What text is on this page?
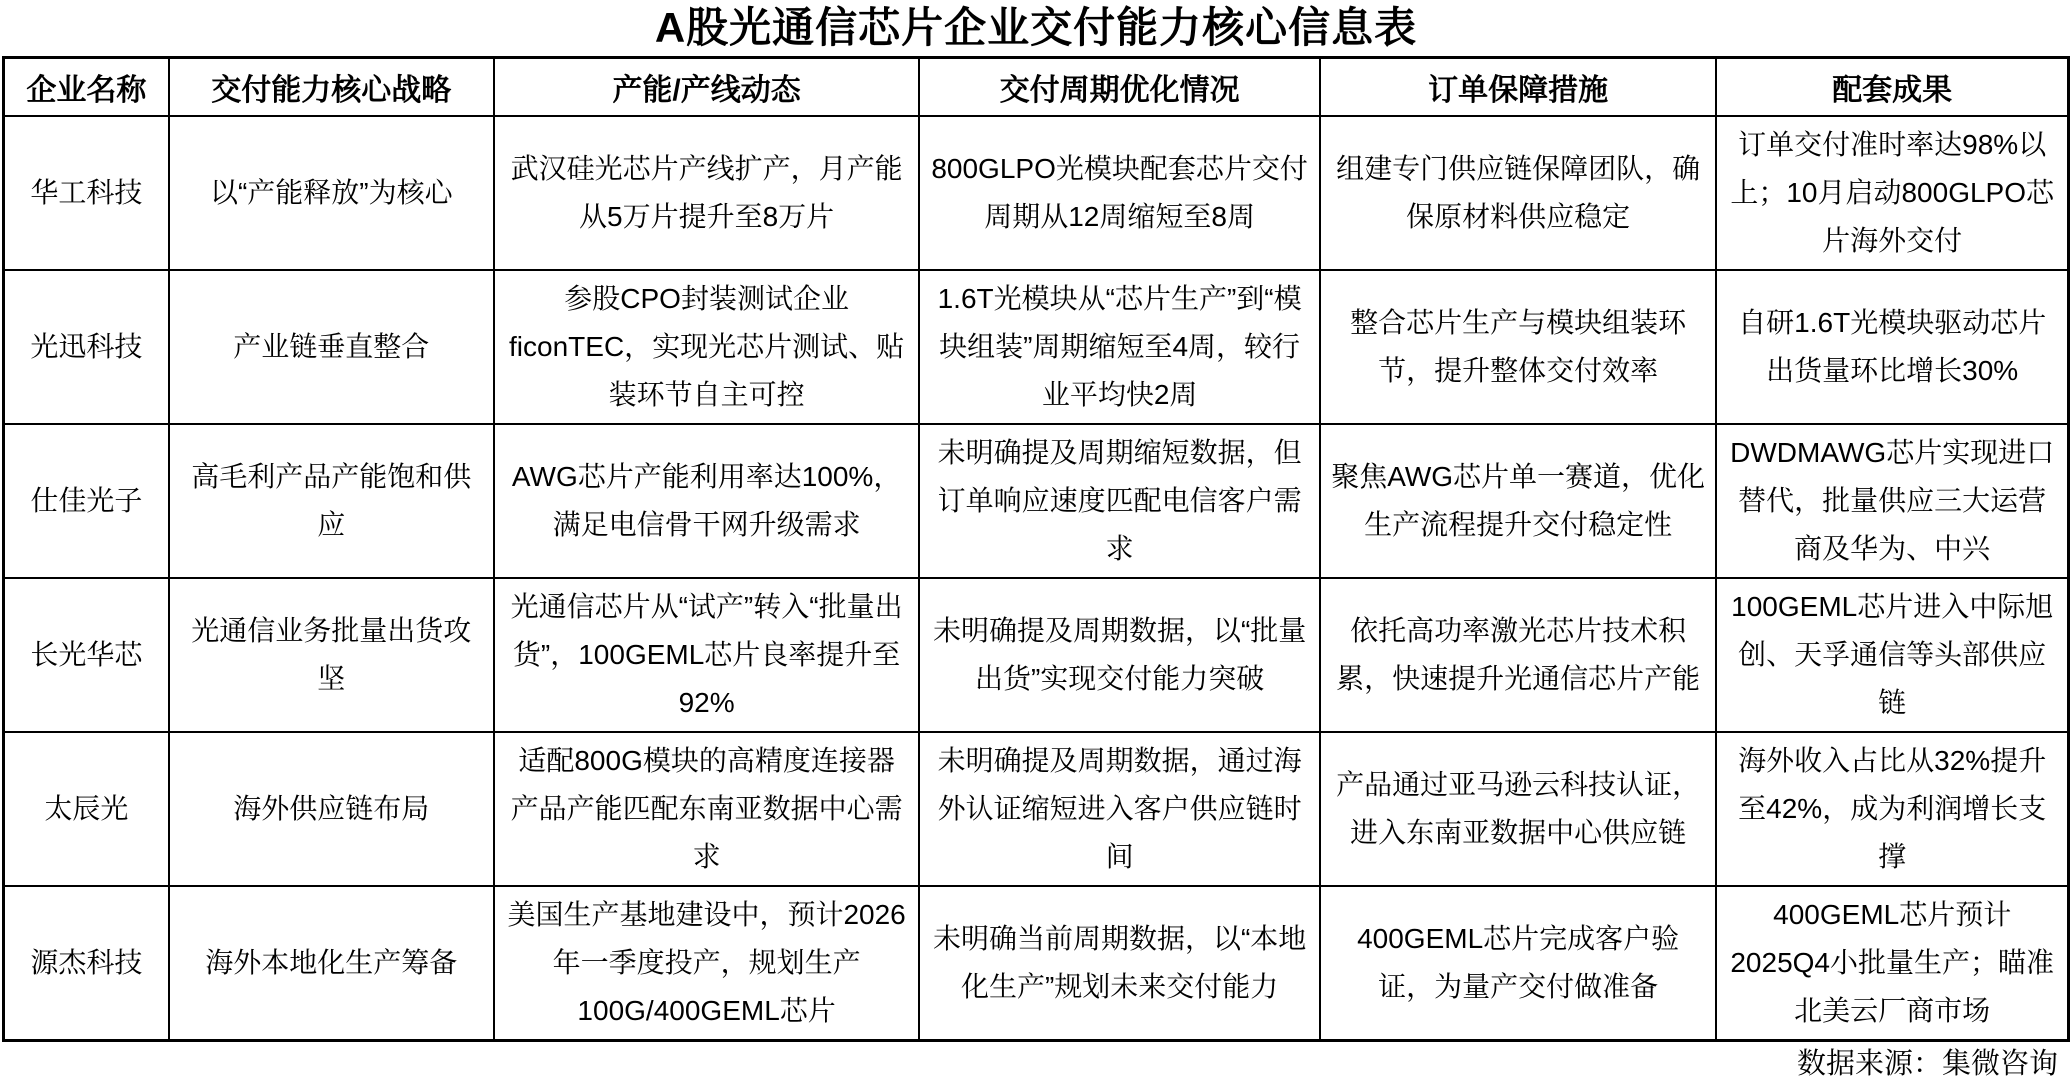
A股光通信芯片企业交付能力核心信息表
企业名称	交付能力核心战略	产能/产线动态	交付周期优化情况	订单保障措施	配套成果
华工科技	以“产能释放”为核心	武汉硅光芯片产线扩产，月产能从5万片提升至8万片	800GLPO光模块配套芯片交付周期从12周缩短至8周	组建专门供应链保障团队，确保原材料供应稳定	订单交付准时率达98%以上；10月启动800GLPO芯片海外交付
光迅科技	产业链垂直整合	参股CPO封装测试企业ficonTEC，实现光芯片测试、贴装环节自主可控	1.6T光模块从“芯片生产”到“模块组装”周期缩短至4周，较行业平均快2周	整合芯片生产与模块组装环节，提升整体交付效率	自研1.6T光模块驱动芯片出货量环比增长30%
仕佳光子	高毛利产品产能饱和供应	AWG芯片产能利用率达100%，满足电信骨干网升级需求	未明确提及周期缩短数据，但订单响应速度匹配电信客户需求	聚焦AWG芯片单一赛道，优化生产流程提升交付稳定性	DWDMAWG芯片实现进口替代，批量供应三大运营商及华为、中兴
长光华芯	光通信业务批量出货攻坚	光通信芯片从“试产”转入“批量出货”，100GEML芯片良率提升至92%	未明确提及周期数据，以“批量出货”实现交付能力突破	依托高功率激光芯片技术积累，快速提升光通信芯片产能	100GEML芯片进入中际旭创、天孚通信等头部供应链
太辰光	海外供应链布局	适配800G模块的高精度连接器产品产能匹配东南亚数据中心需求	未明确提及周期数据，通过海外认证缩短进入客户供应链时间	产品通过亚马逊云科技认证，进入东南亚数据中心供应链	海外收入占比从32%提升至42%，成为利润增长支撑
源杰科技	海外本地化生产筹备	美国生产基地建设中，预计2026年一季度投产，规划生产100G/400GEML芯片	未明确当前周期数据，以“本地化生产”规划未来交付能力	400GEML芯片完成客户验证，为量产交付做准备	400GEML芯片预计2025Q4小批量生产；瞄准北美云厂商市场
数据来源：集微咨询
